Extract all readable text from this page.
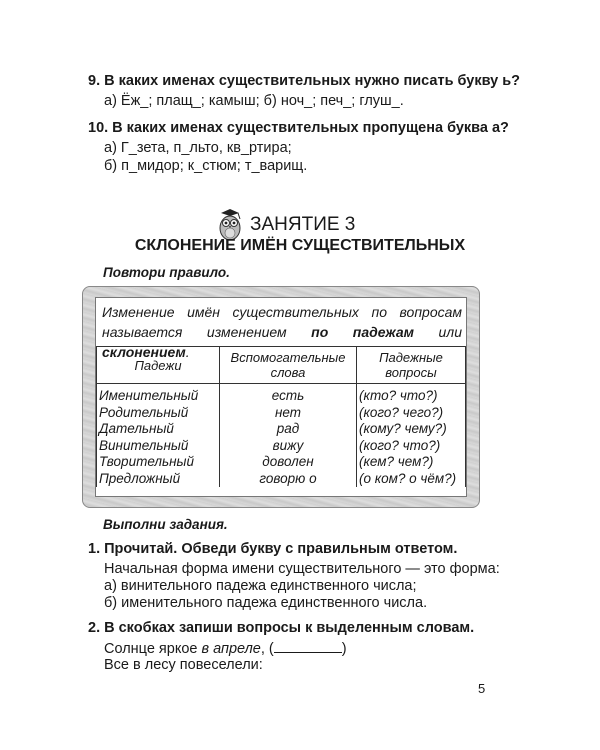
9. В каких именах существительных нужно писать букву ь?
а) Ёж_; плащ_; камыш; б) ноч_; печ_; глуш_.
10. В каких именах существительных пропущена буква а?
а) Г_зета, п_льто, кв_ртира;
б) п_мидор; к_стюм; т_варищ.
ЗАНЯТИЕ 3
СКЛОНЕНИЕ ИМЁН СУЩЕСТВИТЕЛЬНЫХ
Повтори правило.
Изменение имён существительных по вопросам называется изменением по падежам или склонением.
Падежи	Вспомогательные слова	Падежные вопросы
Именительный	есть	(кто? что?)
Родительный	нет	(кого? чего?)
Дательный	рад	(кому? чему?)
Винительный	вижу	(кого? что?)
Творительный	доволен	(кем? чем?)
Предложный	говорю о	(о ком? о чём?)
Выполни задания.
1. Прочитай. Обведи букву с правильным ответом.
Начальная форма имени существительного — это форма:
а) винительного падежа единственного числа;
б) именительного падежа единственного числа.
2. В скобках запиши вопросы к выделенным словам.
Солнце яркое в апреле, (	)
Все в лесу повеселели:
5
